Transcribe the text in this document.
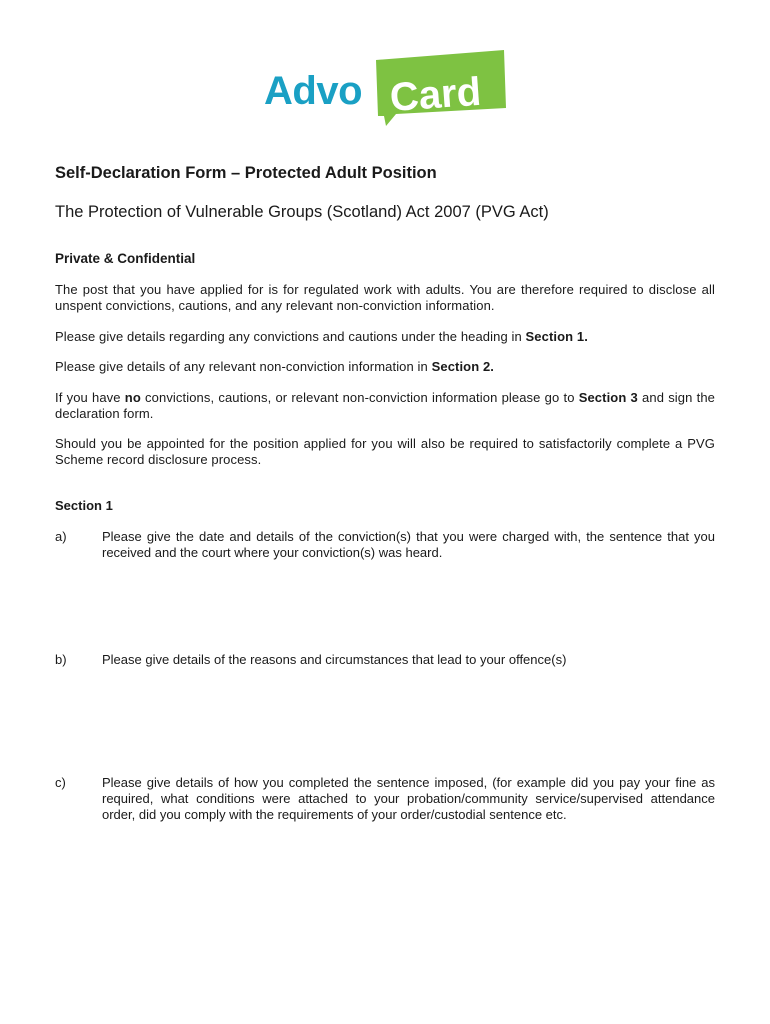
Advo Card
Self-Declaration Form – Protected Adult Position
The Protection of Vulnerable Groups (Scotland) Act 2007 (PVG Act)
Private & Confidential
The post that you have applied for is for regulated work with adults. You are therefore required to disclose all unspent convictions, cautions, and any relevant non-conviction information.
Please give details regarding any convictions and cautions under the heading in Section 1.
Please give details of any relevant non-conviction information in Section 2.
If you have no convictions, cautions, or relevant non-conviction information please go to Section 3 and sign the declaration form.
Should you be appointed for the position applied for you will also be required to satisfactorily complete a PVG Scheme record disclosure process.
Section 1
a)	Please give the date and details of the conviction(s) that you were charged with, the sentence that you received and the court where your conviction(s) was heard.
b)	Please give details of the reasons and circumstances that lead to your offence(s)
c)	Please give details of how you completed the sentence imposed, (for example did you pay your fine as required, what conditions were attached to your probation/community service/supervised attendance order, did you comply with the requirements of your order/custodial sentence etc.
